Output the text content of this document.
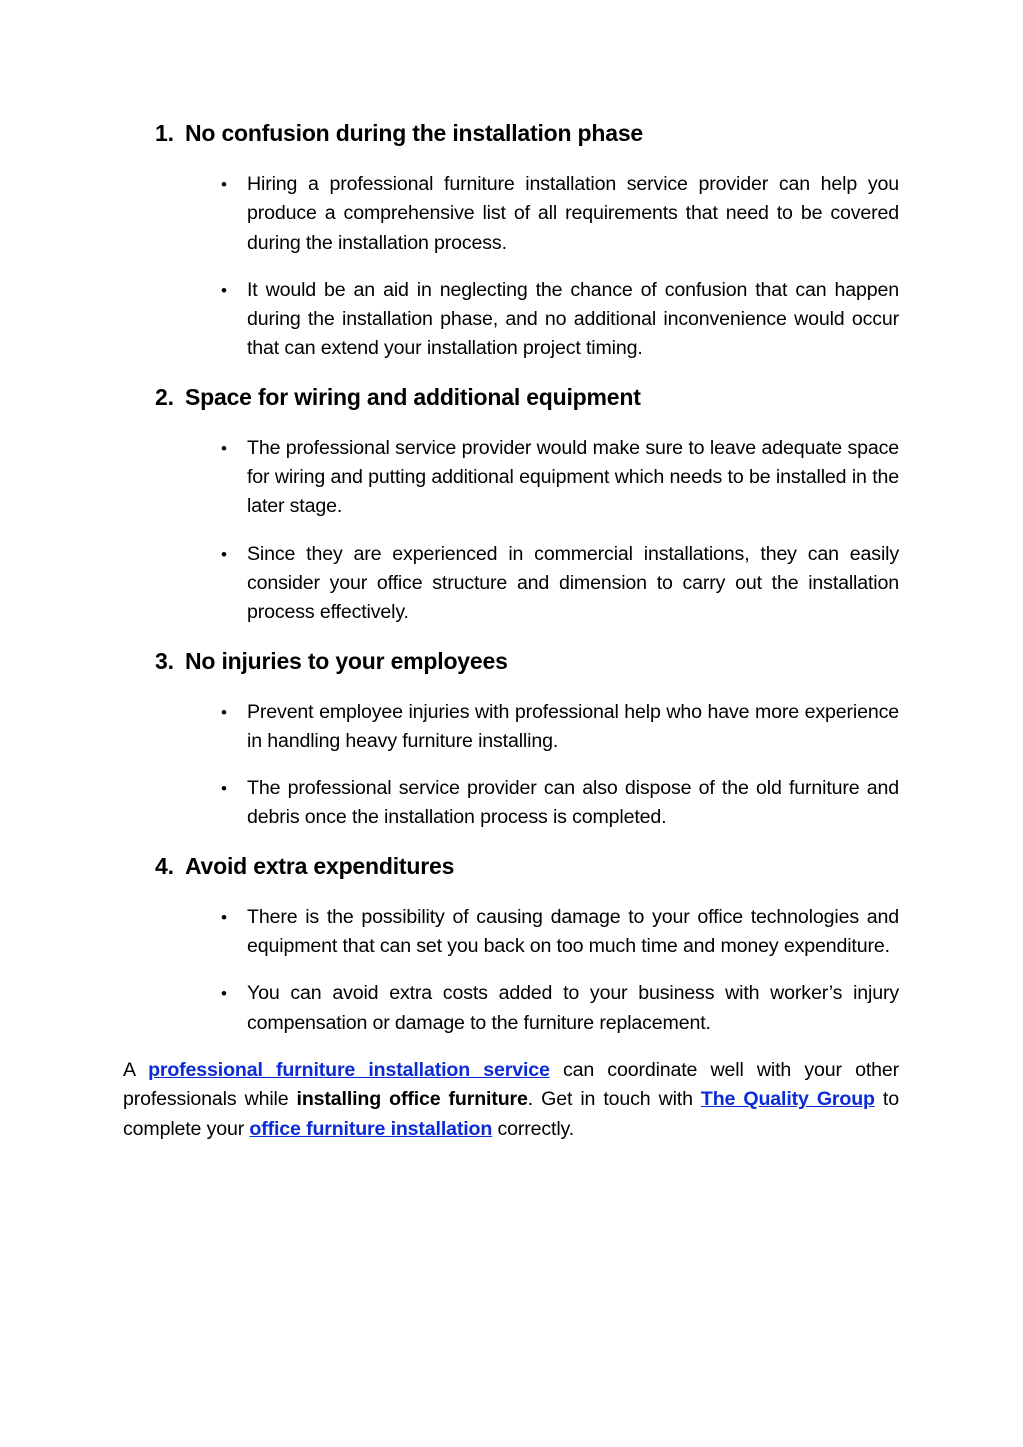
1. No confusion during the installation phase
•	Hiring a professional furniture installation service provider can help you produce a comprehensive list of all requirements that need to be covered during the installation process.
•	It would be an aid in neglecting the chance of confusion that can happen during the installation phase, and no additional inconvenience would occur that can extend your installation project timing.
2. Space for wiring and additional equipment
•	The professional service provider would make sure to leave adequate space for wiring and putting additional equipment which needs to be installed in the later stage.
•	Since they are experienced in commercial installations, they can easily consider your office structure and dimension to carry out the installation process effectively.
3. No injuries to your employees
•	Prevent employee injuries with professional help who have more experience in handling heavy furniture installing.
•	The professional service provider can also dispose of the old furniture and debris once the installation process is completed.
4. Avoid extra expenditures
•	There is the possibility of causing damage to your office technologies and equipment that can set you back on too much time and money expenditure.
•	You can avoid extra costs added to your business with worker’s injury compensation or damage to the furniture replacement.

A professional furniture installation service can coordinate well with your other professionals while installing office furniture. Get in touch with The Quality Group to complete your office furniture installation correctly.
